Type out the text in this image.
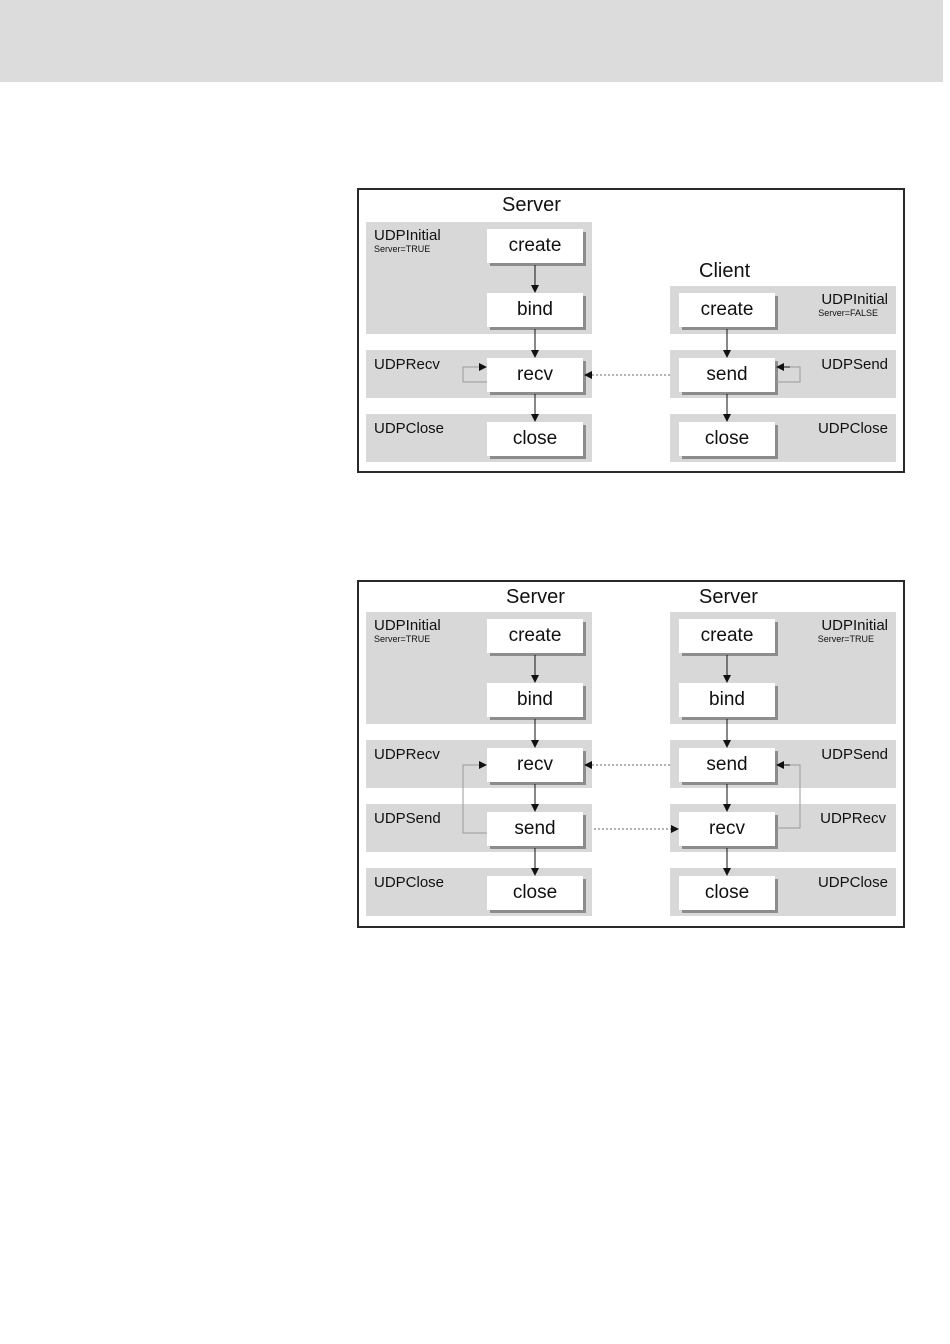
Server
Client
UDPInitial
Server=TRUE
UDPRecv
UDPClose
UDPInitial
Server=FALSE
UDPSend
UDPClose
create
bind
recv
close
create
send
close
Server	Server
UDPInitial
Server=TRUE
UDPRecv
UDPSend
UDPClose
UDPInitial
Server=TRUE
UDPSend
UDPRecv
UDPClose
create
bind
recv
send
close
create
bind
send
recv
close
